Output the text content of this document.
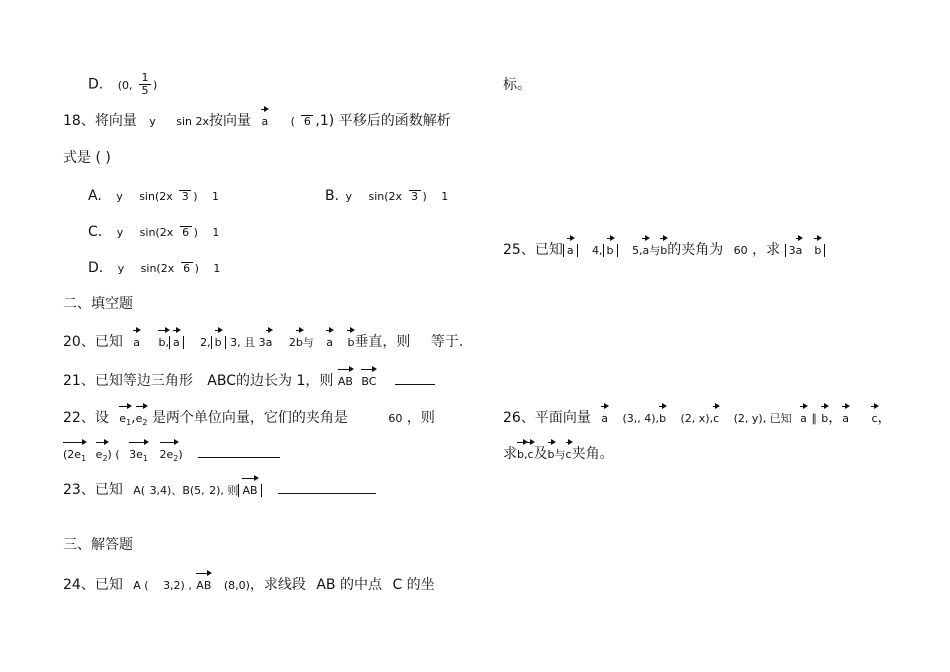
D. (0, $\frac{1}{5}$ )
18、将向量 y sin 2x按向量 a ( 6 ,1) 平移后的函数解析
式是 ( )
A. y sin(2x 3 ) 1	B. y sin(2x 3 ) 1
C. y sin(2x 6 ) 1
D. y sin(2x 6 ) 1
二、填空题
20、已知 a b, a 2, b 3, 且 3a 2b与 a b垂直，则 等于.
21、已知等边三角形 ABC的边长为 1，则 AB BC
22、设 $e_1,e_2$ 是两个单位向量，它们的夹角是	60 ，则
($2e_1$ $e_2$) ( $3e_1$ $2e_2$)
23、已知 A( 3,4)、B(5, 2), 则 AB
三、解答题
24、已知 A ( 3,2) , AB (8,0)，求线段 AB 的中点 C 的坐
标。
25、已知 a 4, b 5,a与b的夹角为 60 ，求 3a b
26、平面向量 a (3,, 4),b (2, x),c (2, y), 已知 a ∥ b，a c，
求b,c及b与c夹角。
